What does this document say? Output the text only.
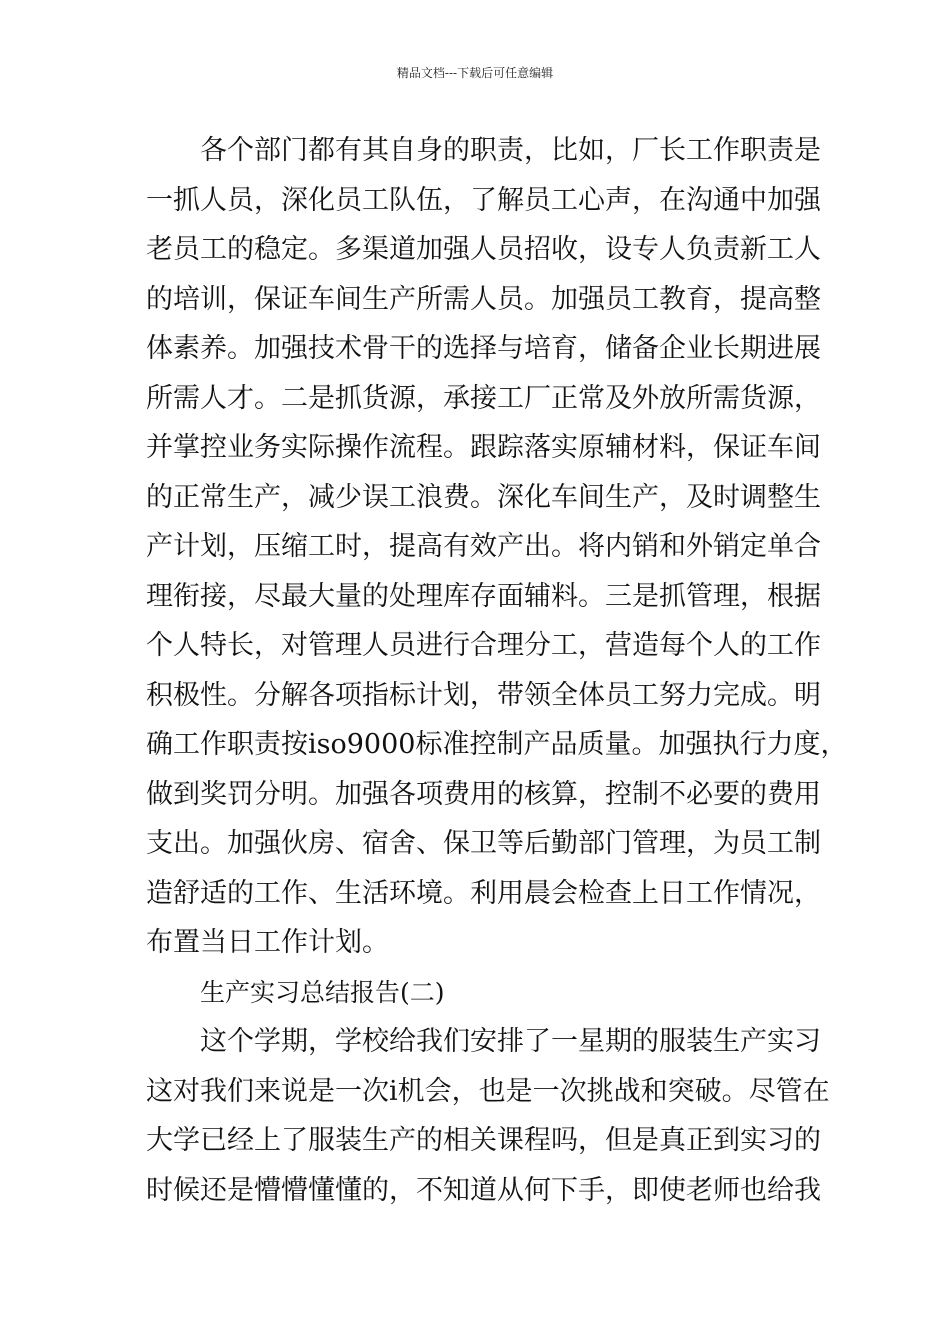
精品文档---下载后可任意编辑
各个部门都有其自身的职责，比如，厂长工作职责是
一抓人员，深化员工队伍，了解员工心声，在沟通中加强
老员工的稳定。多渠道加强人员招收，设专人负责新工人
的培训，保证车间生产所需人员。加强员工教育，提高整
体素养。加强技术骨干的选择与培育，储备企业长期进展
所需人才。二是抓货源，承接工厂正常及外放所需货源，
并掌控业务实际操作流程。跟踪落实原辅材料，保证车间
的正常生产，减少误工浪费。深化车间生产，及时调整生
产计划，压缩工时，提高有效产出。将内销和外销定单合
理衔接，尽最大量的处理库存面辅料。三是抓管理，根据
个人特长，对管理人员进行合理分工，营造每个人的工作
积极性。分解各项指标计划，带领全体员工努力完成。明
确工作职责按iso9000标准控制产品质量。加强执行力度，
做到奖罚分明。加强各项费用的核算，控制不必要的费用
支出。加强伙房、宿舍、保卫等后勤部门管理，为员工制
造舒适的工作、生活环境。利用晨会检查上日工作情况，
布置当日工作计划。
生产实习总结报告(二)
这个学期，学校给我们安排了一星期的服装生产实习
这对我们来说是一次i机会，也是一次挑战和突破。尽管在
大学已经上了服装生产的相关课程吗，但是真正到实习的
时候还是懵懵懂懂的，不知道从何下手，即使老师也给我
